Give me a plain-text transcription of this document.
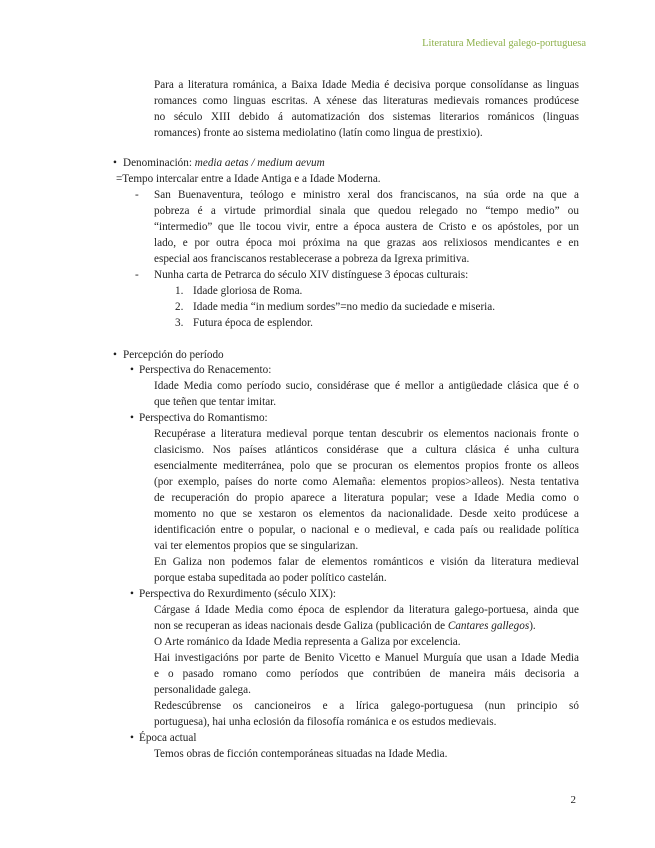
Literatura Medieval galego-portuguesa
Para a literatura románica, a Baixa Idade Media é decisiva porque consolídanse as linguas
romances como linguas escritas. A xénese das literaturas medievais romances prodúcese
no século XIII debido á automatización dos sistemas literarios románicos (linguas
romances) fronte ao sistema mediolatino (latín como lingua de prestixio).
• Denominación: media aetas / medium aevum
=Tempo intercalar entre a Idade Antiga e a Idade Moderna.
- San Buenaventura, teólogo e ministro xeral dos franciscanos, na súa orde na que a
pobreza é a virtude primordial sinala que quedou relegado no “tempo medio” ou
“intermedio” que lle tocou vivir, entre a época austera de Cristo e os apóstoles, por un
lado, e por outra época moi próxima na que grazas aos relixiosos mendicantes e en
especial aos franciscanos restablecerase a pobreza da Igrexa primitiva.
- Nunha carta de Petrarca do século XIV distínguese 3 épocas culturais:
1. Idade gloriosa de Roma.
2. Idade media “in medium sordes”=no medio da suciedade e miseria.
3. Futura época de esplendor.
• Percepción do período
• Perspectiva do Renacemento:
Idade Media como período sucio, considérase que é mellor a antigüedade clásica que é o
que teñen que tentar imitar.
• Perspectiva do Romantismo:
Recupérase a literatura medieval porque tentan descubrir os elementos nacionais fronte o
clasicismo. Nos países atlánticos considérase que a cultura clásica é unha cultura
esencialmente mediterránea, polo que se procuran os elementos propios fronte os alleos
(por exemplo, países do norte como Alemaña: elementos propios>alleos). Nesta tentativa
de recuperación do propio aparece a literatura popular; vese a Idade Media como o
momento no que se xestaron os elementos da nacionalidade. Desde xeito prodúcese a
identificación entre o popular, o nacional e o medieval, e cada país ou realidade política
vai ter elementos propios que se singularizan.
En Galiza non podemos falar de elementos románticos e visión da literatura medieval
porque estaba supeditada ao poder político castelán.
• Perspectiva do Rexurdimento (século XIX):
Cárgase á Idade Media como época de esplendor da literatura galego-portuesa, ainda que
non se recuperan as ideas nacionais desde Galiza (publicación de Cantares gallegos).
O Arte románico da Idade Media representa a Galiza por excelencia.
Hai investigacións por parte de Benito Vicetto e Manuel Murguía que usan a Idade Media
e o pasado romano como períodos que contribúen de maneira máis decisoria a
personalidade galega.
Redescúbrense os cancioneiros e a lírica galego-portuguesa (nun principio só
portuguesa), hai unha eclosión da filosofía románica e os estudos medievais.
• Época actual
Temos obras de ficción contemporáneas situadas na Idade Media.
2
